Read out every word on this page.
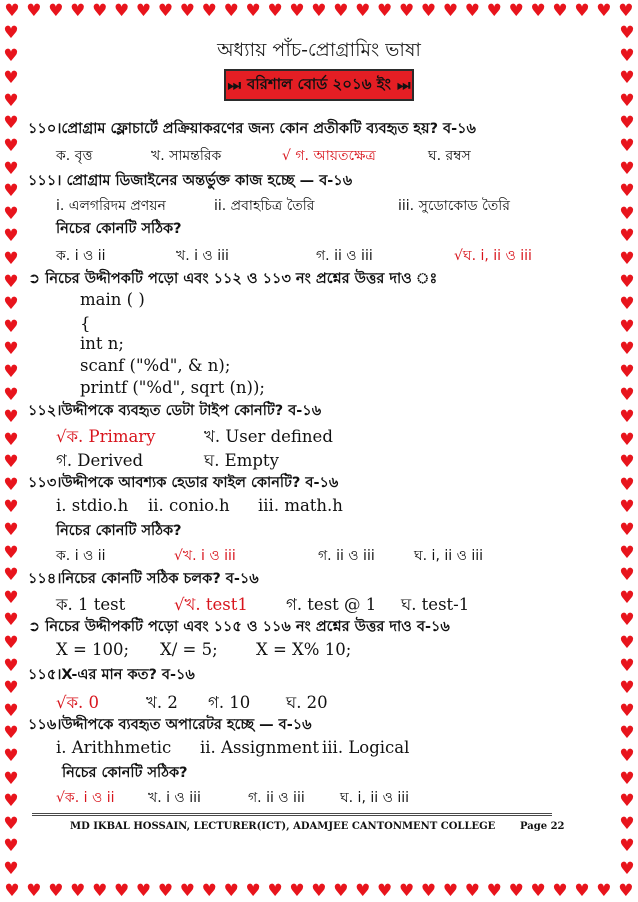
♥ ♥ ♥ ♥ ♥ ♥ ♥ ♥ ♥ ♥ ♥ ♥ ♥ ♥ ♥ ♥ ♥ ♥ ♥ ♥ ♥ ♥ ♥ ♥ ♥ ♥ ♥ ♥ ♥
♥ ♥ ♥ ♥ ♥ ♥ ♥ ♥ ♥ ♥ ♥ ♥ ♥ ♥ ♥ ♥ ♥ ♥ ♥ ♥ ♥ ♥ ♥ ♥ ♥ ♥ ♥ ♥ ♥
♥
♥
♥
♥
♥
♥
♥
♥
♥
♥
♥
♥
♥
♥
♥
♥
♥
♥
♥
♥
♥
♥
♥
♥
♥
♥
♥
♥
♥
♥
♥
♥
♥
♥
♥
♥
♥
♥
♥
♥
♥
♥
♥
♥
♥
♥
♥
♥
♥
♥
♥
♥
♥
♥
♥
♥
♥
♥
♥
♥
♥
♥
♥
♥
♥
♥
♥
♥
♥
♥
♥
♥
♥
♥
♥
♥
অধ্যায় পাঁচ-প্রোগ্রামিং ভাষা
⏭ বরিশাল বোর্ড ২০১৬ ইং ⏭
১১০।প্রোগ্রাম ফ্লোচার্টে প্রক্রিয়াকরণের জন্য কোন প্রতীকটি ব্যবহৃত হয়? ব-১৬
ক. বৃত্ত	খ. সামন্তরিক	√ গ. আয়তক্ষেত্র	ঘ. রম্বস
১১১। প্রোগ্রাম ডিজাইনের অন্তর্ভুক্ত কাজ হচ্ছে — ব-১৬
i. এলগরিদম প্রণয়ন	ii. প্রবাহচিত্র তৈরি	iii. সুডোকোড তৈরি
নিচের কোনটি সঠিক?
ক. i ও ii	খ. i ও iii	গ. ii ও iii	√ঘ. i, ii ও iii
➲ নিচের উদ্দীপকটি পড়ো এবং ১১২ ও ১১৩ নং প্রশ্নের উত্তর দাও ঃ
main ( )
{
int n;
scanf ("%d", & n);
printf ("%d", sqrt (n));
১১২।উদ্দীপকে ব্যবহৃত ডেটা টাইপ কোনটি? ব-১৬
√ক. Primary	খ. User defined
গ. Derived	ঘ. Empty
১১৩।উদ্দীপকে আবশ্যক হেডার ফাইল কোনটি? ব-১৬
i. stdio.h ii. conio.h iii. math.h
নিচের কোনটি সঠিক?
ক. i ও ii	√খ. i ও iii	গ. ii ও iii	ঘ. i, ii ও iii
১১৪।নিচের কোনটি সঠিক চলক? ব-১৬
ক. 1 test	√খ. test1 গ. test @ 1 ঘ. test-1
➲ নিচের উদ্দীপকটি পড়ো এবং ১১৫ ও ১১৬ নং প্রশ্নের উত্তর দাও ব-১৬
X = 100; X/ = 5; X = X% 10;
১১৫।X-এর মান কত? ব-১৬
√ক. 0	খ. 2 গ. 10 ঘ. 20
১১৬।উদ্দীপকে ব্যবহৃত অপারেটর হচ্ছে — ব-১৬
i. Arithhmetic ii. Assignment iii. Logical
নিচের কোনটি সঠিক?
√ক. i ও ii খ. i ও iii	গ. ii ও iii	ঘ. i, ii ও iii
MD IKBAL HOSSAIN, LECTURER(ICT), ADAMJEE CANTONMENT COLLEGE Page 22
